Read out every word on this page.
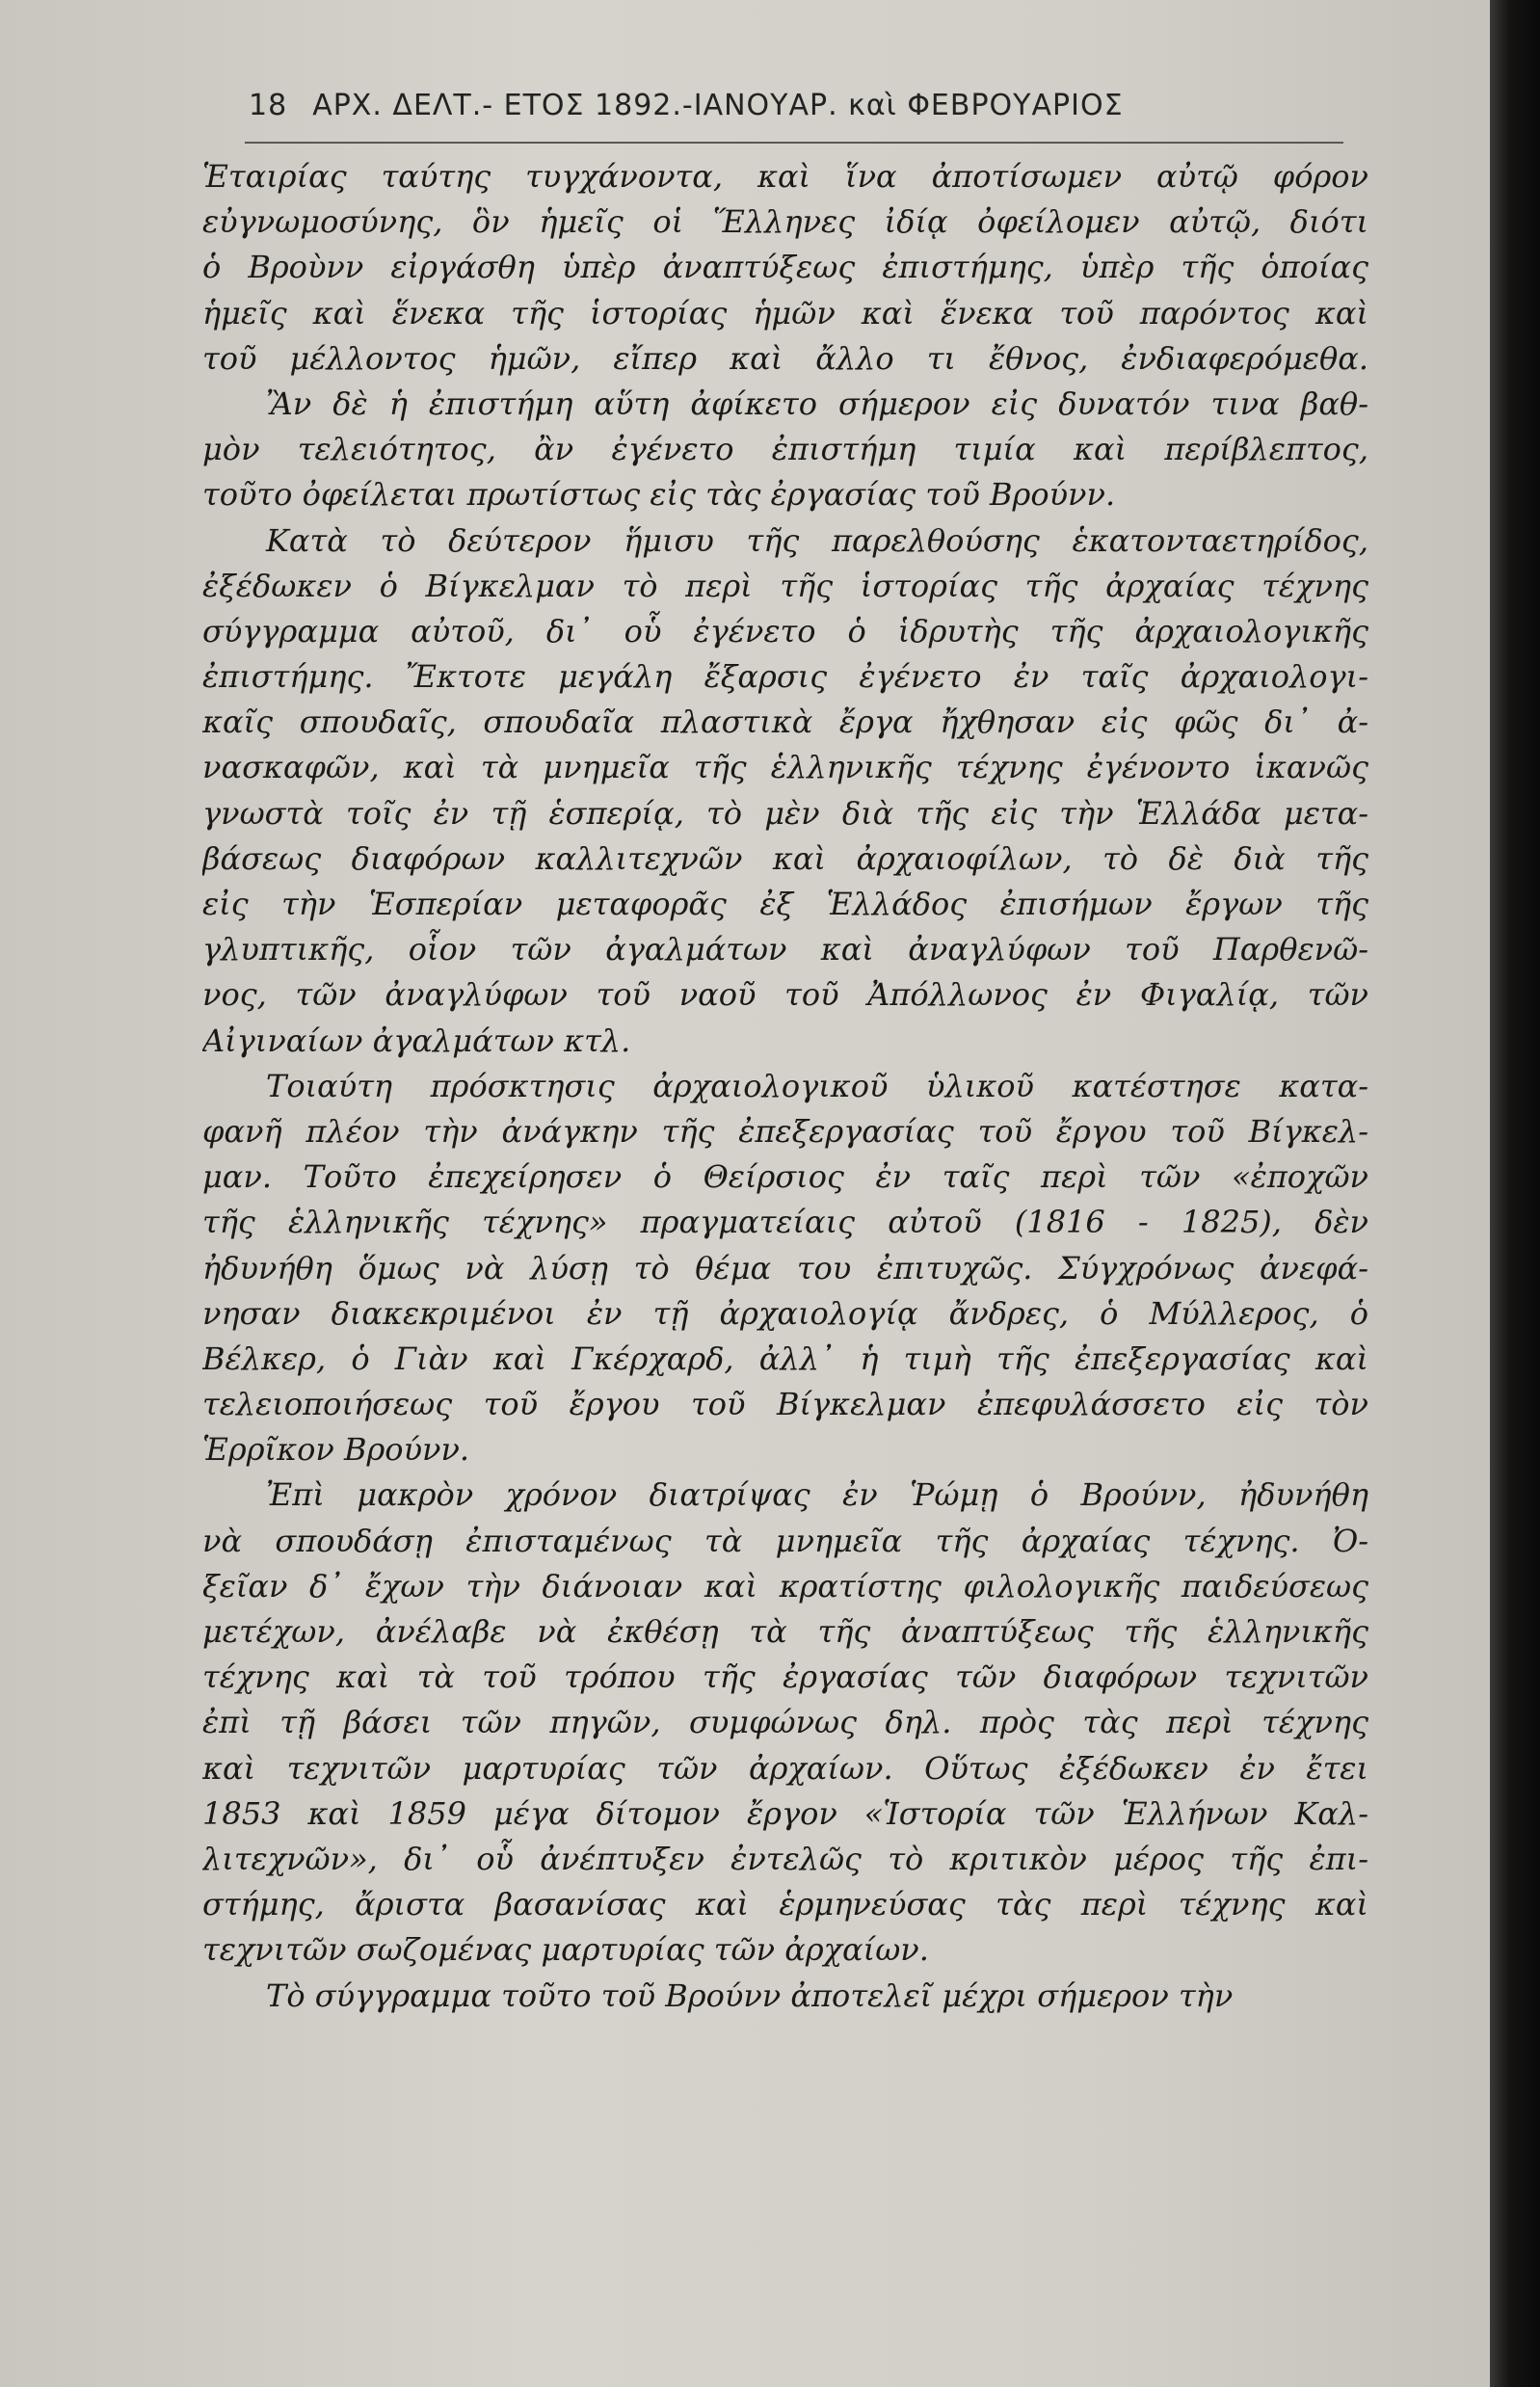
18 ΑΡΧ. ΔΕΛΤ.- ΕΤΟΣ 1892.-ΙΑΝΟΥΑΡ. καὶ ΦΕΒΡΟΥΑΡΙΟΣ
Ἑταιρίας ταύτης τυγχάνοντα, καὶ ἵνα ἀποτίσωμεν αὐτῷ φόρον
εὐγνωμοσύνης, ὃν ἡμεῖς οἱ Ἕλληνες ἰδίᾳ ὀφείλομεν αὐτῷ, διότι
ὁ Βροὺνν εἰργάσθη ὑπὲρ ἀναπτύξεως ἐπιστήμης, ὑπὲρ τῆς ὁποίας
ἡμεῖς καὶ ἕνεκα τῆς ἱστορίας ἡμῶν καὶ ἕνεκα τοῦ παρόντος καὶ
τοῦ μέλλοντος ἡμῶν, εἴπερ καὶ ἄλλο τι ἔθνος, ἐνδιαφερόμεθα.
Ἂν δὲ ἡ ἐπιστήμη αὕτη ἀφίκετο σήμερον εἰς δυνατόν τινα βαθ-
μὸν τελειότητος, ἂν ἐγένετο ἐπιστήμη τιμία καὶ περίβλεπτος,
τοῦτο ὀφείλεται πρωτίστως εἰς τὰς ἐργασίας τοῦ Βρούνν.
Κατὰ τὸ δεύτερον ἥμισυ τῆς παρελθούσης ἑκατονταετηρίδος,
ἐξέδωκεν ὁ Βίγκελμαν τὸ περὶ τῆς ἱστορίας τῆς ἀρχαίας τέχνης
σύγγραμμα αὐτοῦ, δι᾽ οὗ ἐγένετο ὁ ἱδρυτὴς τῆς ἀρχαιολογικῆς
ἐπιστήμης. Ἔκτοτε μεγάλη ἔξαρσις ἐγένετο ἐν ταῖς ἀρχαιολογι-
καῖς σπουδαῖς, σπουδαῖα πλαστικὰ ἔργα ἤχθησαν εἰς φῶς δι᾽ ἀ-
νασκαφῶν, καὶ τὰ μνημεῖα τῆς ἑλληνικῆς τέχνης ἐγένοντο ἱκανῶς
γνωστὰ τοῖς ἐν τῇ ἑσπερίᾳ, τὸ μὲν διὰ τῆς εἰς τὴν Ἑλλάδα μετα-
βάσεως διαφόρων καλλιτεχνῶν καὶ ἀρχαιοφίλων, τὸ δὲ διὰ τῆς
εἰς τὴν Ἑσπερίαν μεταφορᾶς ἐξ Ἑλλάδος ἐπισήμων ἔργων τῆς
γλυπτικῆς, οἷον τῶν ἀγαλμάτων καὶ ἀναγλύφων τοῦ Παρθενῶ-
νος, τῶν ἀναγλύφων τοῦ ναοῦ τοῦ Ἀπόλλωνος ἐν Φιγαλίᾳ, τῶν
Αἰγιναίων ἀγαλμάτων κτλ.
Τοιαύτη πρόσκτησις ἀρχαιολογικοῦ ὑλικοῦ κατέστησε κατα-
φανῆ πλέον τὴν ἀνάγκην τῆς ἐπεξεργασίας τοῦ ἔργου τοῦ Βίγκελ-
μαν. Τοῦτο ἐπεχείρησεν ὁ Θείρσιος ἐν ταῖς περὶ τῶν «ἐποχῶν
τῆς ἑλληνικῆς τέχνης» πραγματείαις αὐτοῦ (1816 - 1825), δὲν
ἠδυνήθη ὅμως νὰ λύσῃ τὸ θέμα του ἐπιτυχῶς. Σύγχρόνως ἀνεφά-
νησαν διακεκριμένοι ἐν τῇ ἀρχαιολογίᾳ ἄνδρες, ὁ Μύλλερος, ὁ
Βέλκερ, ὁ Γιὰν καὶ Γκέρχαρδ, ἀλλ᾽ ἡ τιμὴ τῆς ἐπεξεργασίας καὶ
τελειοποιήσεως τοῦ ἔργου τοῦ Βίγκελμαν ἐπεφυλάσσετο εἰς τὸν
Ἑρρῖκον Βρούνν.
Ἐπὶ μακρὸν χρόνον διατρίψας ἐν Ῥώμῃ ὁ Βρούνν, ἠδυνήθη
νὰ σπουδάσῃ ἐπισταμένως τὰ μνημεῖα τῆς ἀρχαίας τέχνης. Ὀ-
ξεῖαν δ᾽ ἔχων τὴν διάνοιαν καὶ κρατίστης φιλολογικῆς παιδεύσεως
μετέχων, ἀνέλαβε νὰ ἐκθέσῃ τὰ τῆς ἀναπτύξεως τῆς ἑλληνικῆς
τέχνης καὶ τὰ τοῦ τρόπου τῆς ἐργασίας τῶν διαφόρων τεχνιτῶν
ἐπὶ τῇ βάσει τῶν πηγῶν, συμφώνως δηλ. πρὸς τὰς περὶ τέχνης
καὶ τεχνιτῶν μαρτυρίας τῶν ἀρχαίων. Οὕτως ἐξέδωκεν ἐν ἔτει
1853 καὶ 1859 μέγα δίτομον ἔργον «Ἱστορία τῶν Ἑλλήνων Καλ-
λιτεχνῶν», δι᾽ οὗ ἀνέπτυξεν ἐντελῶς τὸ κριτικὸν μέρος τῆς ἐπι-
στήμης, ἄριστα βασανίσας καὶ ἑρμηνεύσας τὰς περὶ τέχνης καὶ
τεχνιτῶν σωζομένας μαρτυρίας τῶν ἀρχαίων.
Τὸ σύγγραμμα τοῦτο τοῦ Βρούνν ἀποτελεῖ μέχρι σήμερον τὴν
